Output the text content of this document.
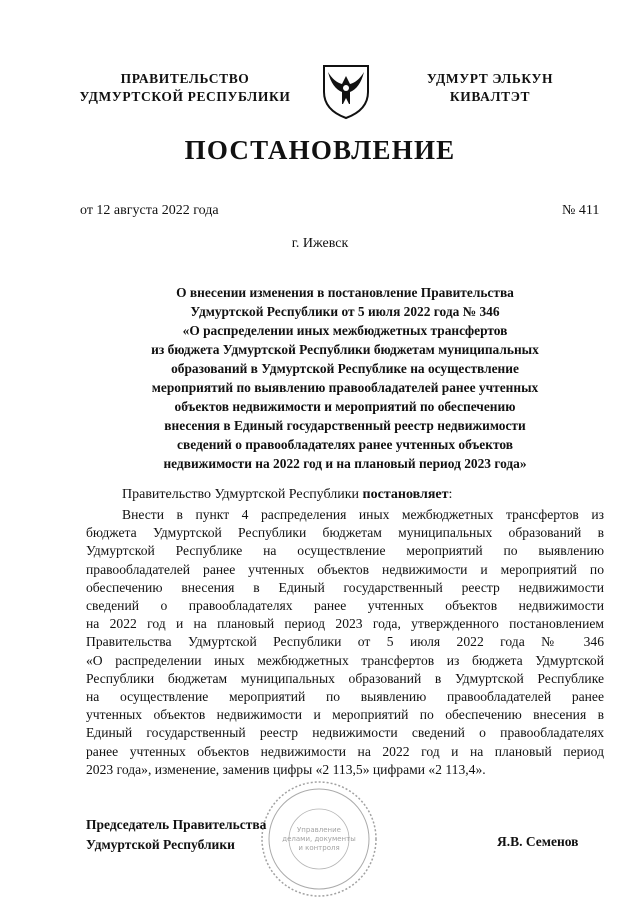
ПРАВИТЕЛЬСТВО
УДМУРТСКОЙ РЕСПУБЛИКИ
УДМУРТ ЭЛЬКУН
КИВАЛТЭТ
ПОСТАНОВЛЕНИЕ
от 12 августа 2022 года	№ 411
г. Ижевск
О внесении изменения в постановление Правительства
Удмуртской Республики от 5 июля 2022 года № 346
«О распределении иных межбюджетных трансфертов
из бюджета Удмуртской Республики бюджетам муниципальных
образований в Удмуртской Республике на осуществление
мероприятий по выявлению правообладателей ранее учтенных
объектов недвижимости и мероприятий по обеспечению
внесения в Единый государственный реестр недвижимости
сведений о правообладателях ранее учтенных объектов
недвижимости на 2022 год и на плановый период 2023 года»
Правительство Удмуртской Республики постановляет:
Внести в пункт 4 распределения иных межбюджетных трансфертов из
бюджета Удмуртской Республики бюджетам муниципальных образований в
Удмуртской Республике на осуществление мероприятий по выявлению
правообладателей ранее учтенных объектов недвижимости и мероприятий по
обеспечению внесения в Единый государственный реестр недвижимости
сведений о правообладателях ранее учтенных объектов недвижимости
на 2022 год и на плановый период 2023 года, утвержденного постановлением
Правительства Удмуртской Республики от 5 июля 2022 года № 346
«О распределении иных межбюджетных трансфертов из бюджета Удмуртской
Республики бюджетам муниципальных образований в Удмуртской Республике
на осуществление мероприятий по выявлению правообладателей ранее
учтенных объектов недвижимости и мероприятий по обеспечению внесения в
Единый государственный реестр недвижимости сведений о правообладателях
ранее учтенных объектов недвижимости на 2022 год и на плановый период
2023 года», изменение, заменив цифры «2 113,5» цифрами «2 113,4».
Управление
делами, документы
и контроля
Председатель Правительства
Удмуртской Республики	Я.В. Семенов
